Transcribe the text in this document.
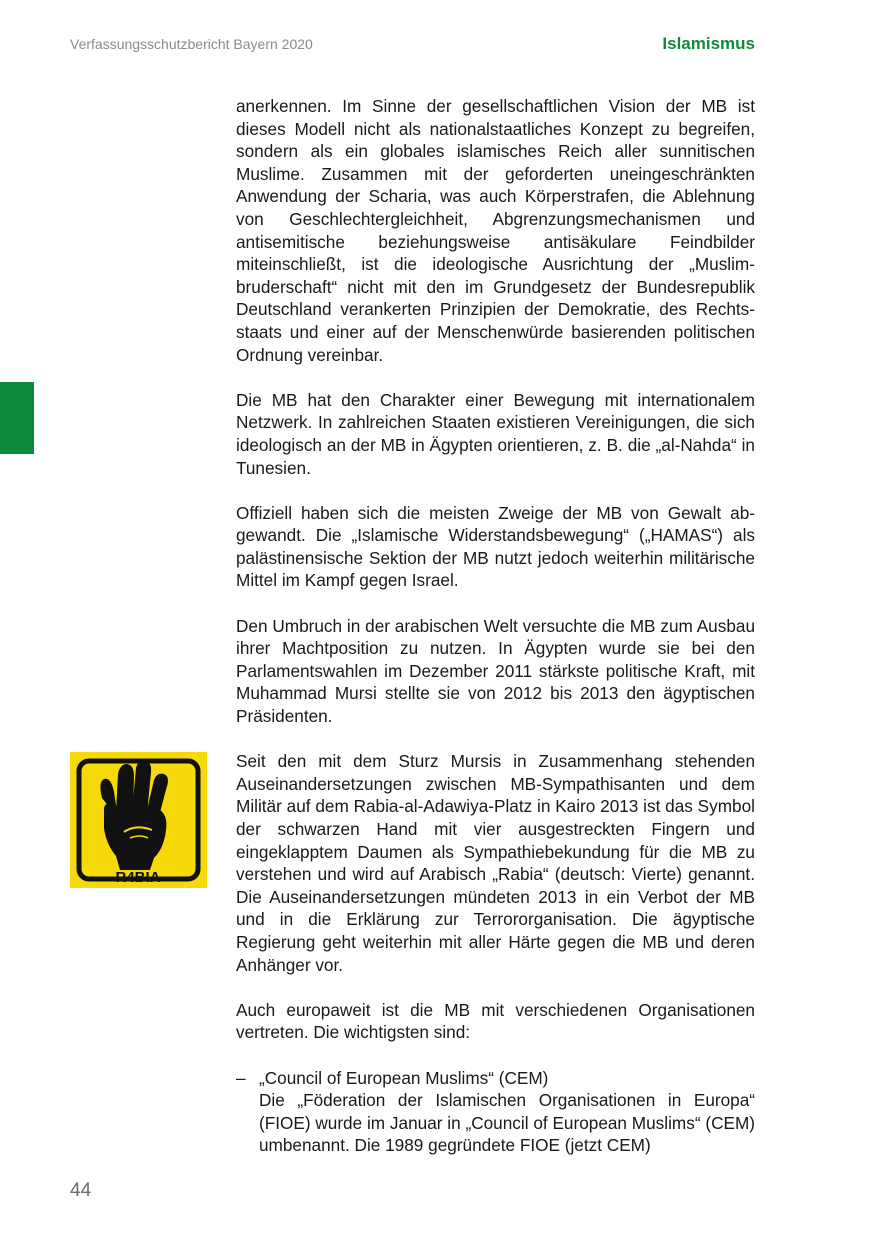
Verfassungsschutzbericht Bayern 2020	Islamismus

anerkennen. Im Sinne der gesellschaftlichen Vision der MB ist dieses Modell nicht als nationalstaatliches Konzept zu begreifen, sondern als ein globales islamisches Reich aller sunnitischen Muslime. Zusammen mit der geforderten uneingeschränkten Anwendung der Scharia, was auch Körperstrafen, die Ablehnung von Geschlechtergleichheit, Abgrenzungsmechanismen und antisemitische beziehungsweise antisäkulare Feindbilder miteinschließt, ist die ideologische Ausrichtung der „Muslimbruderschaft“ nicht mit den im Grundgesetz der Bundesrepublik Deutschland verankerten Prinzipien der Demokratie, des Rechtsstaats und einer auf der Menschenwürde basierenden politischen Ordnung vereinbar.

Die MB hat den Charakter einer Bewegung mit internationalem Netzwerk. In zahlreichen Staaten existieren Vereinigungen, die sich ideologisch an der MB in Ägypten orientieren, z. B. die „al-Nahda“ in Tunesien.

Offiziell haben sich die meisten Zweige der MB von Gewalt abgewandt. Die „Islamische Widerstandsbewegung“ („HAMAS“) als palästinensische Sektion der MB nutzt jedoch weiterhin militärische Mittel im Kampf gegen Israel.

Den Umbruch in der arabischen Welt versuchte die MB zum Ausbau ihrer Machtposition zu nutzen. In Ägypten wurde sie bei den Parlamentswahlen im Dezember 2011 stärkste politische Kraft, mit Muhammad Mursi stellte sie von 2012 bis 2013 den ägyptischen Präsidenten.

Seit den mit dem Sturz Mursis in Zusammenhang stehenden Auseinandersetzungen zwischen MB-Sympathisanten und dem Militär auf dem Rabia-al-Adawiya-Platz in Kairo 2013 ist das Symbol der schwarzen Hand mit vier ausgestreckten Fingern und eingeklapptem Daumen als Sympathiebekundung für die MB zu verstehen und wird auf Arabisch „Rabia“ (deutsch: Vierte) genannt. Die Auseinandersetzungen mündeten 2013 in ein Verbot der MB und in die Erklärung zur Terrororganisation. Die ägyptische Regierung geht weiterhin mit aller Härte gegen die MB und deren Anhänger vor.

Auch europaweit ist die MB mit verschiedenen Organisationen vertreten. Die wichtigsten sind:

– „Council of European Muslims“ (CEM)
Die „Föderation der Islamischen Organisationen in Europa“ (FIOE) wurde im Januar in „Council of European Muslims“ (CEM) umbenannt. Die 1989 gegründete FIOE (jetzt CEM)
R4BIA
44
